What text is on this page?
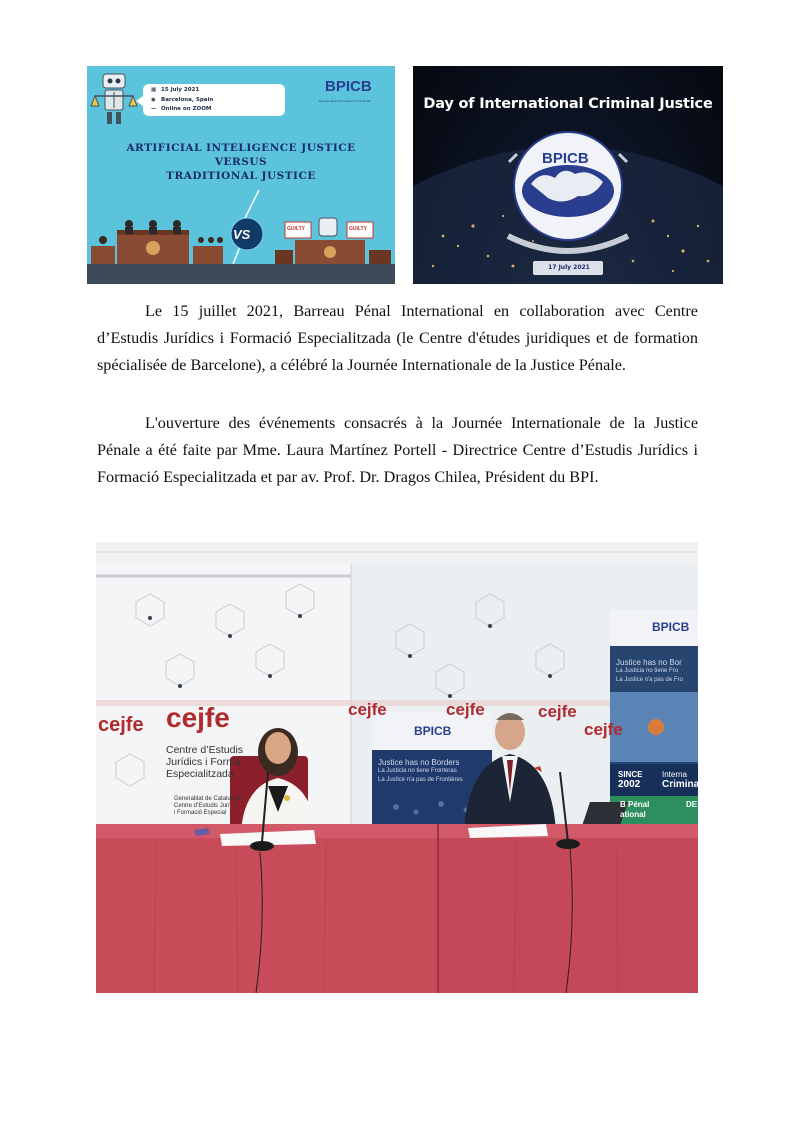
▦ 15 July 2021
◉ Barcelona, Spain
— Online on ZOOM
BPICB
Barreau Pénal International Criminal Bar
ARTIFICIAL INTELIGENCE JUSTICE
VERSUS
TRADITIONAL JUSTICE
VS	GUILTY	GUILTY
Day of International Criminal Justice
BPICB
17 July 2021

Le 15 juillet 2021, Barreau Pénal International en collaboration avec Centre d’Estudis Jurídics i Formació Especialitzada (le Centre d'études juridiques et de formation spécialisée de Barcelone), a célébré la Journée Internationale de la Justice Pénale.

L'ouverture des événements consacrés à la Journée Internationale de la Justice Pénale a été faite par Mme. Laura Martínez Portell - Directrice Centre d’Estudis Jurídics i Formació Especialitzada et par av. Prof. Dr. Dragos Chilea, Président du BPI.

cejfe cejfe	cejfe	cejfe	cejfe
cejfe
Centre d’Estudis
Jurídics i Forma
Especialitzada
Generalitat de Catalunya
Centre d’Estudis Jurí
i Formació Especial
BPICB
Justice has no Borders
La Justicia no tiene Fronteras
La Justice n'a pas de Frontières
BPICB
Justice has no Bor
La Justicia no tiene Fro
La Justice n'a pas de Fro
SINCE
2002
Interna
Criminal
B Pénal
ational
DE
